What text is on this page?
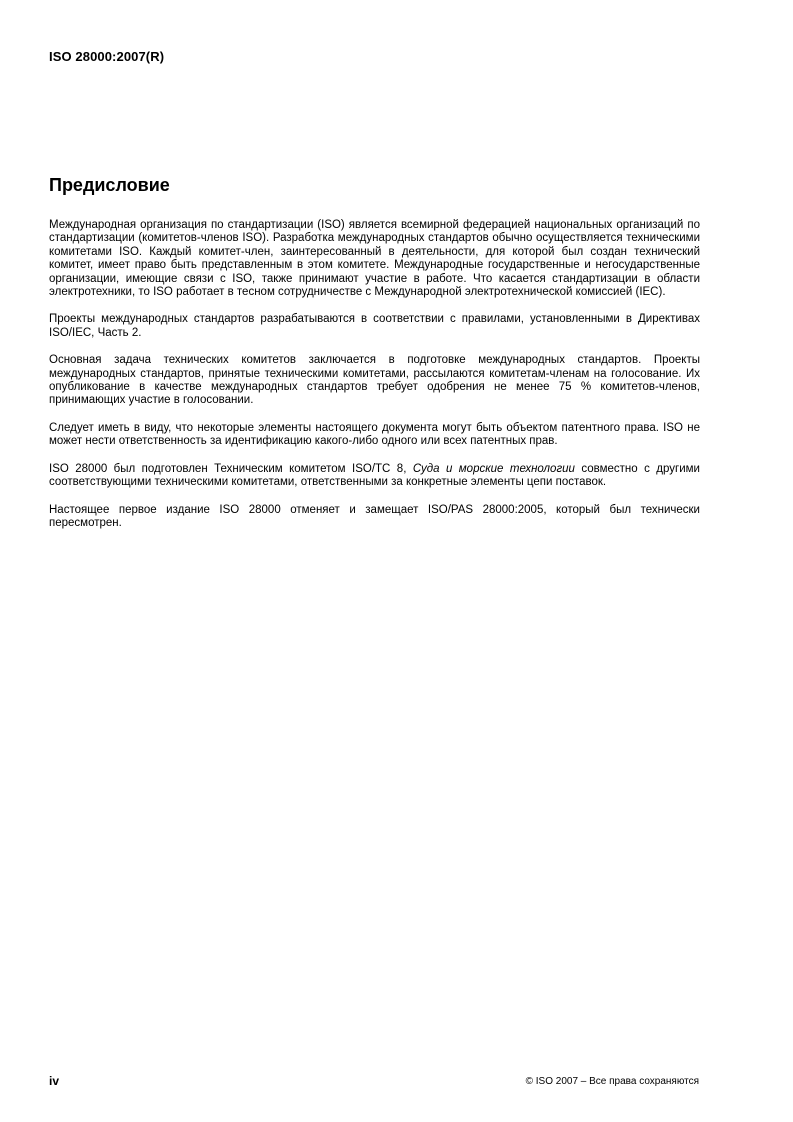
ISO 28000:2007(R)
Предисловие

Международная организация по стандартизации (ISO) является всемирной федерацией национальных организаций по стандартизации (комитетов-членов ISO). Разработка международных стандартов обычно осуществляется техническими комитетами ISO. Каждый комитет-член, заинтересованный в деятельности, для которой был создан технический комитет, имеет право быть представленным в этом комитете. Международные государственные и негосударственные организации, имеющие связи с ISO, также принимают участие в работе. Что касается стандартизации в области электротехники, то ISO работает в тесном сотрудничестве с Международной электротехнической комиссией (IEC).

Проекты международных стандартов разрабатываются в соответствии с правилами, установленными в Директивах ISO/IEC, Часть 2.

Основная задача технических комитетов заключается в подготовке международных стандартов. Проекты международных стандартов, принятые техническими комитетами, рассылаются комитетам-членам на голосование. Их опубликование в качестве международных стандартов требует одобрения не менее 75 % комитетов-членов, принимающих участие в голосовании.

Следует иметь в виду, что некоторые элементы настоящего документа могут быть объектом патентного права. ISO не может нести ответственность за идентификацию какого-либо одного или всех патентных прав.

ISO 28000 был подготовлен Техническим комитетом ISO/TC 8, Суда и морские технологии совместно с другими соответствующими техническими комитетами, ответственными за конкретные элементы цепи поставок.

Настоящее первое издание ISO 28000 отменяет и замещает ISO/PAS 28000:2005, который был технически пересмотрен.

iv	© ISO 2007 – Все права сохраняются
